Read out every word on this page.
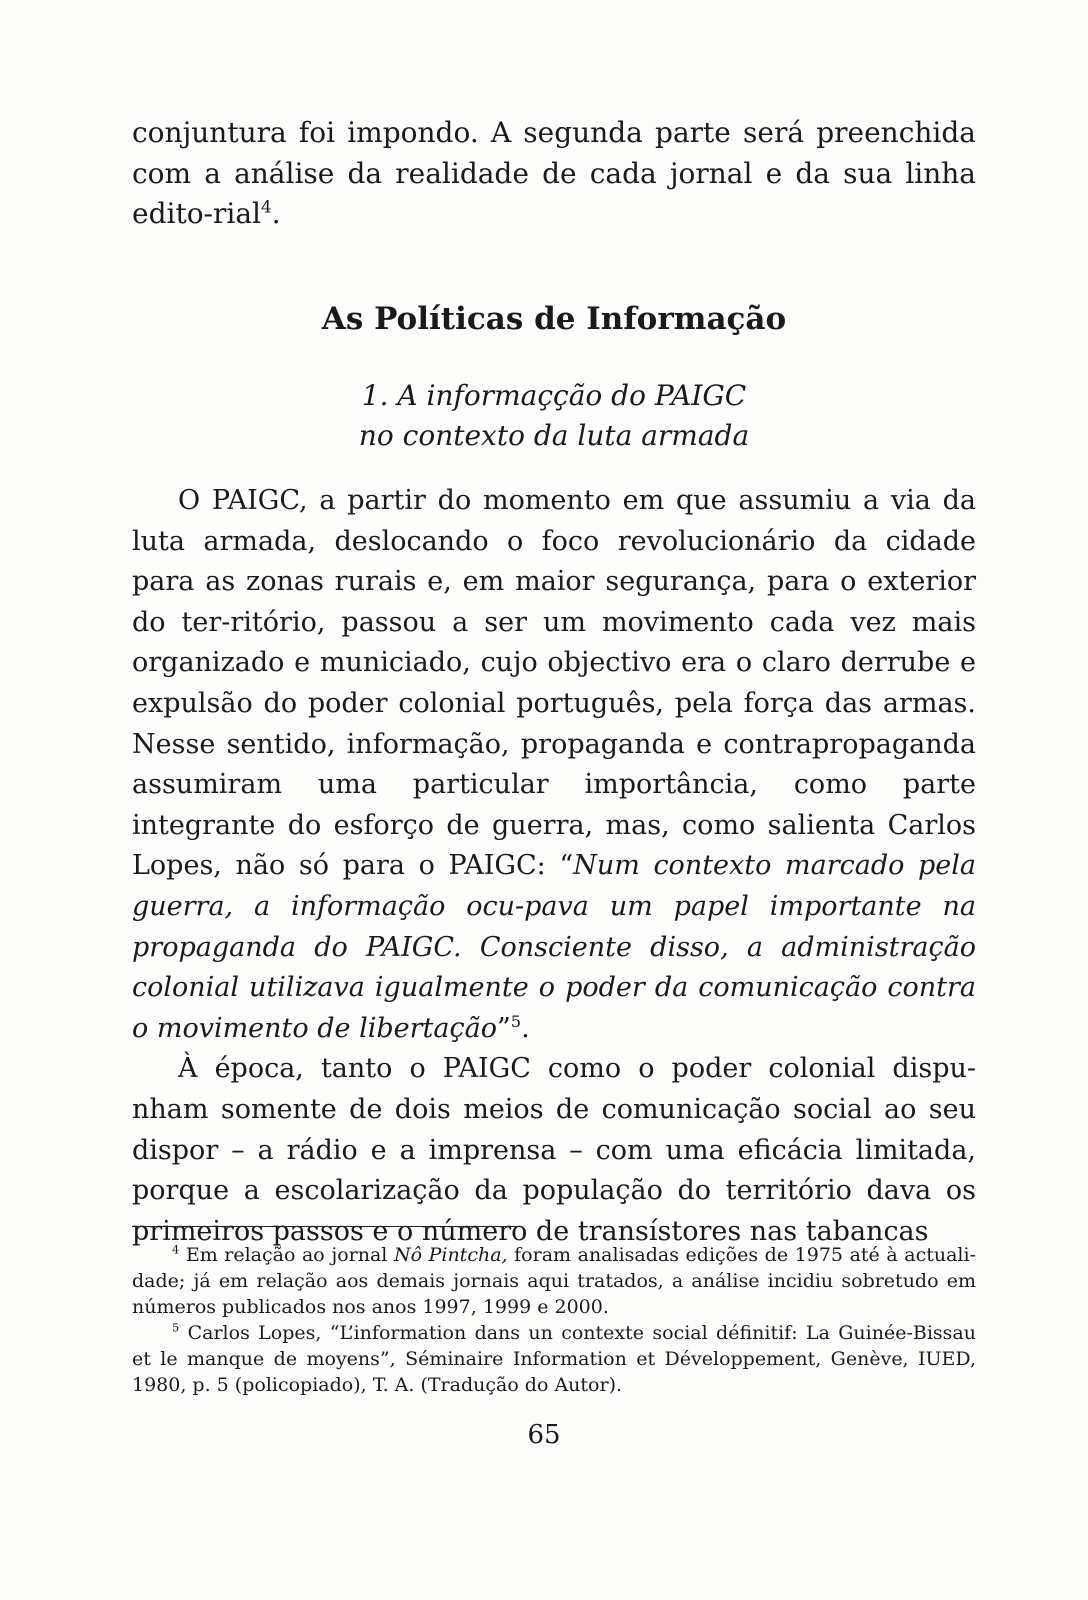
conjuntura foi impondo. A segunda parte será preenchida com a análise da realidade de cada jornal e da sua linha edito-rial$^4$.
As Políticas de Informação
1. A informaçção do PAIGC
no contexto da luta armada

O PAIGC, a partir do momento em que assumiu a via da luta armada, deslocando o foco revolucionário da cidade para as zonas rurais e, em maior segurança, para o exterior do ter-ritório, passou a ser um movimento cada vez mais organizado e municiado, cujo objectivo era o claro derrube e expulsão do poder colonial português, pela força das armas. Nesse sentido, informação, propaganda e contrapropaganda assumiram uma particular importância, como parte integrante do esforço de guerra, mas, como salienta Carlos Lopes, não só para o PAIGC: “Num contexto marcado pela guerra, a informação ocu-pava um papel importante na propaganda do PAIGC. Consciente disso, a administração colonial utilizava igualmente o poder da comunicação contra o movimento de libertação”$^5$.

À época, tanto o PAIGC como o poder colonial dispu-nham somente de dois meios de comunicação social ao seu dispor – a rádio e a imprensa – com uma eficácia limitada, porque a escolarização da população do território dava os primeiros passos e o número de transístores nas tabancas

$^4$ Em relação ao jornal Nô Pintcha, foram analisadas edições de 1975 até à actuali-dade; já em relação aos demais jornais aqui tratados, a análise incidiu sobretudo em números publicados nos anos 1997, 1999 e 2000.

$^5$ Carlos Lopes, “L’information dans un contexte social définitif: La Guinée-Bissau et le manque de moyens”, Séminaire Information et Développement, Genève, IUED, 1980, p. 5 (policopiado), T. A. (Tradução do Autor).

65
